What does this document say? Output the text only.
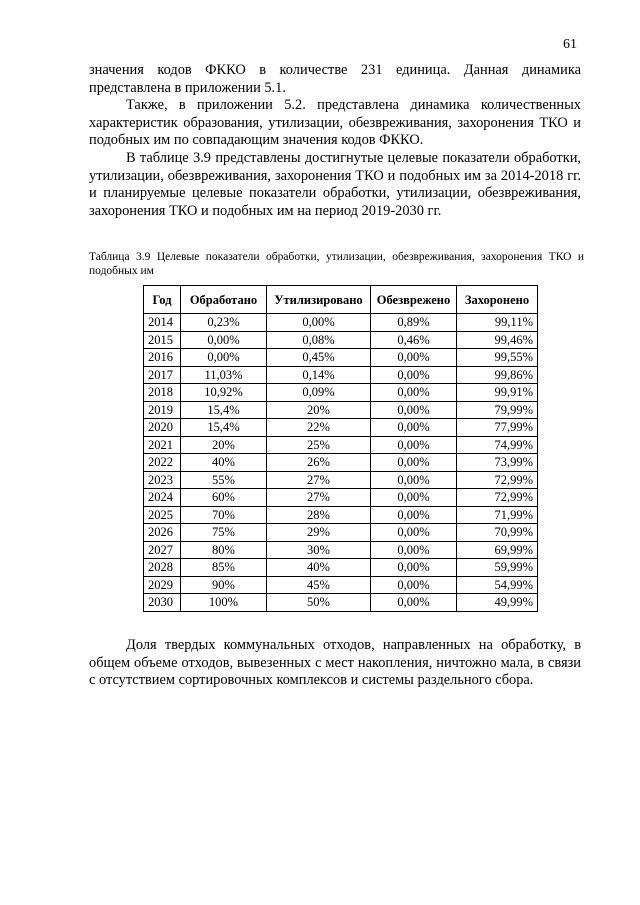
61

значения кодов ФККО в количестве 231 единица. Данная динамика представлена в приложении 5.1.

Также, в приложении 5.2. представлена динамика количественных характеристик образования, утилизации, обезвреживания, захоронения ТКО и подобных им по совпадающим значения кодов ФККО.

В таблице 3.9 представлены достигнутые целевые показатели обработки, утилизации, обезвреживания, захоронения ТКО и подобных им за 2014-2018 гг. и планируемые целевые показатели обработки, утилизации, обезвреживания, захоронения ТКО и подобных им на период 2019-2030 гг.

Таблица 3.9 Целевые показатели обработки, утилизации, обезвреживания, захоронения ТКО и подобных им
Год	Обработано	Утилизировано	Обезврежено	Захоронено
2014	0,23%	0,00%	0,89%	99,11%
2015	0,00%	0,08%	0,46%	99,46%
2016	0,00%	0,45%	0,00%	99,55%
2017	11,03%	0,14%	0,00%	99,86%
2018	10,92%	0,09%	0,00%	99,91%
2019	15,4%	20%	0,00%	79,99%
2020	15,4%	22%	0,00%	77,99%
2021	20%	25%	0,00%	74,99%
2022	40%	26%	0,00%	73,99%
2023	55%	27%	0,00%	72,99%
2024	60%	27%	0,00%	72,99%
2025	70%	28%	0,00%	71,99%
2026	75%	29%	0,00%	70,99%
2027	80%	30%	0,00%	69,99%
2028	85%	40%	0,00%	59,99%
2029	90%	45%	0,00%	54,99%
2030	100%	50%	0,00%	49,99%

Доля твердых коммунальных отходов, направленных на обработку, в общем объеме отходов, вывезенных с мест накопления, ничтожно мала, в связи с отсутствием сортировочных комплексов и системы раздельного сбора.
